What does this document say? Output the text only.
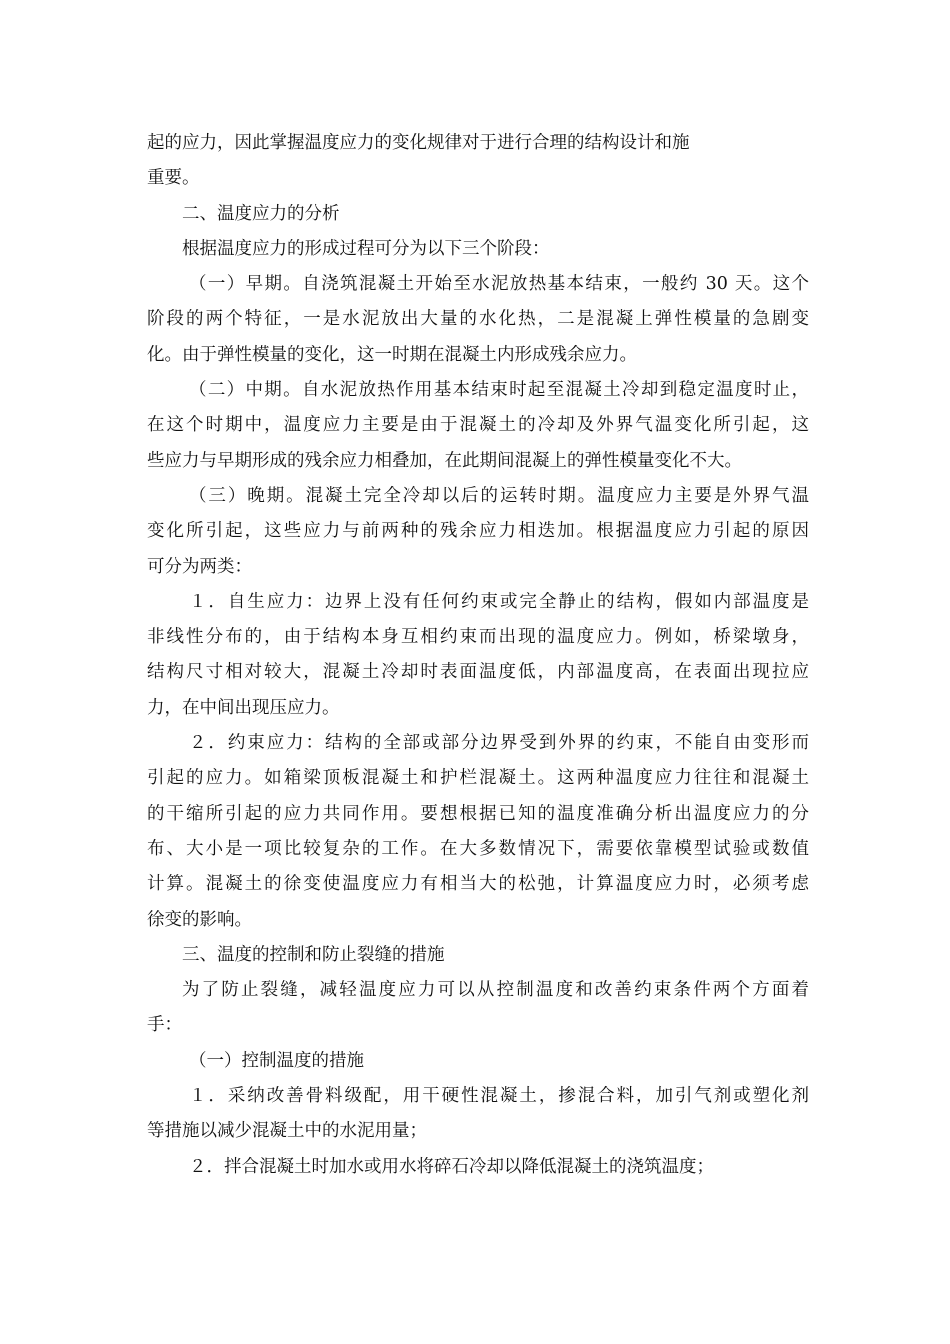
起的应力，因此掌握温度应力的变化规律对于进行合理的结构设计和施
重要。
二、温度应力的分析
根据温度应力的形成过程可分为以下三个阶段：
（一）早期。自浇筑混凝土开始至水泥放热基本结束，一般约 30 天。这个
阶段的两个特征，一是水泥放出大量的水化热，二是混凝上弹性模量的急剧变
化。由于弹性模量的变化，这一时期在混凝土内形成残余应力。
（二）中期。自水泥放热作用基本结束时起至混凝土冷却到稳定温度时止，
在这个时期中，温度应力主要是由于混凝土的冷却及外界气温变化所引起，这
些应力与早期形成的残余应力相叠加，在此期间混凝上的弹性模量变化不大。
（三）晚期。混凝土完全冷却以后的运转时期。温度应力主要是外界气温
变化所引起，这些应力与前两种的残余应力相迭加。根据温度应力引起的原因
可分为两类：
１．自生应力：边界上没有任何约束或完全静止的结构，假如内部温度是
非线性分布的，由于结构本身互相约束而出现的温度应力。例如，桥梁墩身，
结构尺寸相对较大，混凝土冷却时表面温度低，内部温度高，在表面出现拉应
力，在中间出现压应力。
２．约束应力：结构的全部或部分边界受到外界的约束，不能自由变形而
引起的应力。如箱梁顶板混凝土和护栏混凝土。这两种温度应力往往和混凝土
的干缩所引起的应力共同作用。要想根据已知的温度准确分析出温度应力的分
布、大小是一项比较复杂的工作。在大多数情况下，需要依靠模型试验或数值
计算。混凝土的徐变使温度应力有相当大的松弛，计算温度应力时，必须考虑
徐变的影响。
三、温度的控制和防止裂缝的措施
为了防止裂缝，减轻温度应力可以从控制温度和改善约束条件两个方面着
手：
（一）控制温度的措施
１．采纳改善骨料级配，用干硬性混凝土，掺混合料，加引气剂或塑化剂
等措施以减少混凝土中的水泥用量；
２．拌合混凝土时加水或用水将碎石冷却以降低混凝土的浇筑温度；
